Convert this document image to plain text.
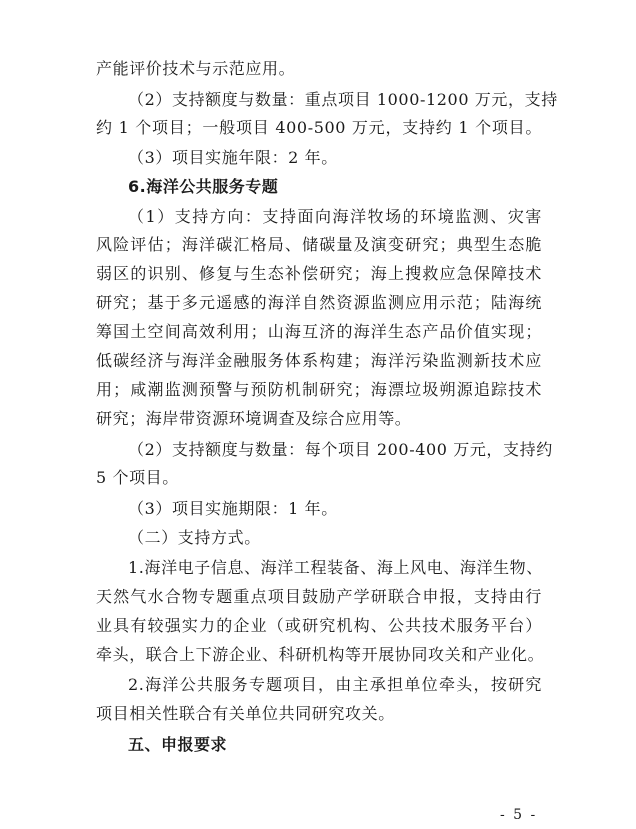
产能评价技术与示范应用。
（2）支持额度与数量：重点项目 1000-1200 万元，支持
约 1 个项目；一般项目 400-500 万元，支持约 1 个项目。
（3）项目实施年限：2 年。
6.海洋公共服务专题
（1）支持方向：支持面向海洋牧场的环境监测、灾害
风险评估；海洋碳汇格局、储碳量及演变研究；典型生态脆
弱区的识别、修复与生态补偿研究；海上搜救应急保障技术
研究；基于多元遥感的海洋自然资源监测应用示范；陆海统
筹国土空间高效利用；山海互济的海洋生态产品价值实现；
低碳经济与海洋金融服务体系构建；海洋污染监测新技术应
用；咸潮监测预警与预防机制研究；海漂垃圾朔源追踪技术
研究；海岸带资源环境调查及综合应用等。
（2）支持额度与数量：每个项目 200-400 万元，支持约
5 个项目。
（3）项目实施期限：1 年。
（二）支持方式。
1.海洋电子信息、海洋工程装备、海上风电、海洋生物、
天然气水合物专题重点项目鼓励产学研联合申报，支持由行
业具有较强实力的企业（或研究机构、公共技术服务平台）
牵头，联合上下游企业、科研机构等开展协同攻关和产业化。
2.海洋公共服务专题项目，由主承担单位牵头，按研究
项目相关性联合有关单位共同研究攻关。
五、申报要求
- 5 -
